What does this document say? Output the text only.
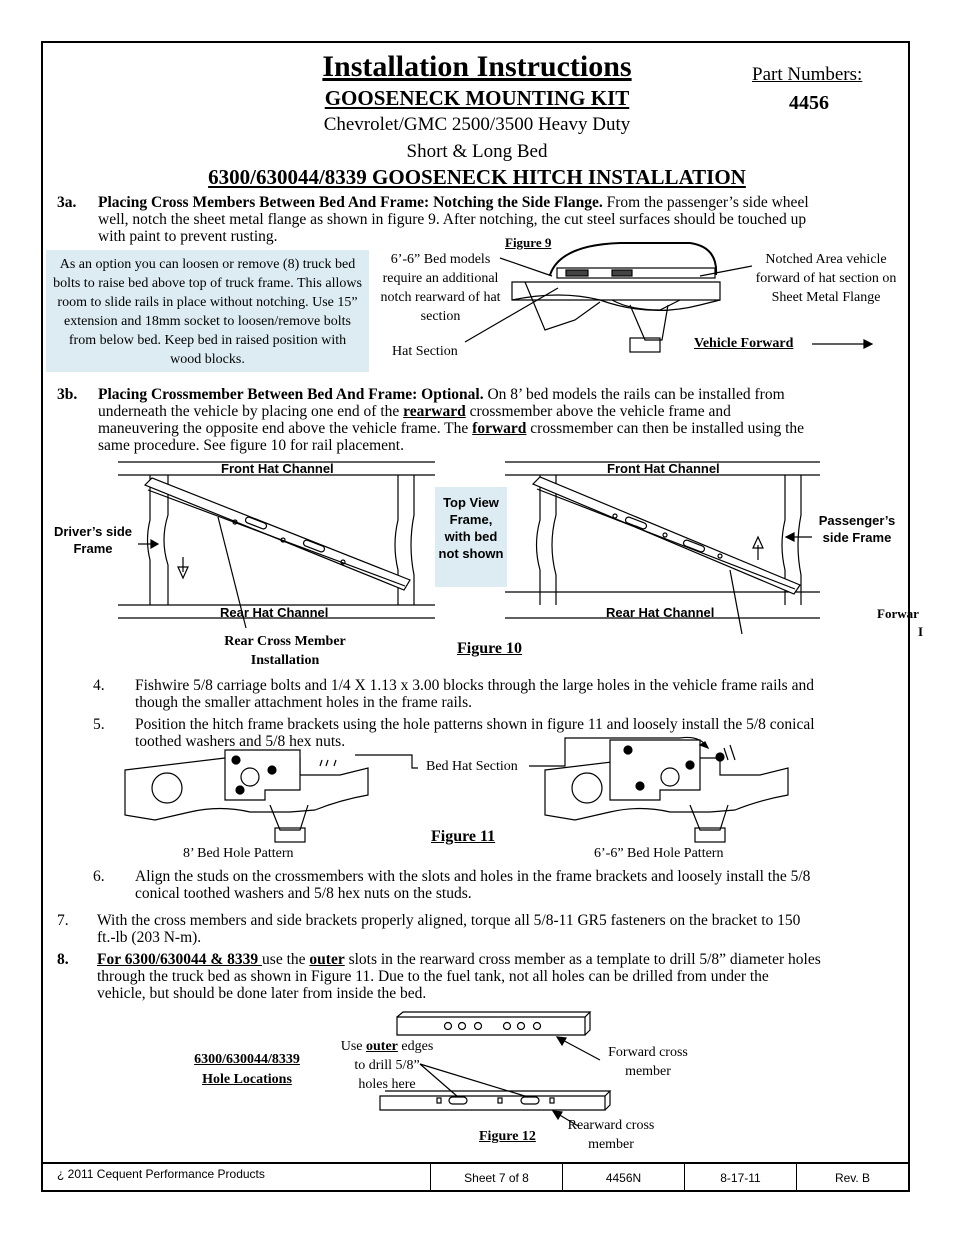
Installation Instructions
GOOSENECK MOUNTING KIT
Chevrolet/GMC 2500/3500 Heavy Duty
Short & Long Bed
6300/630044/8339 GOOSENECK HITCH INSTALLATION
Part Numbers:
4456
3a. Placing Cross Members Between Bed And Frame: Notching the Side Flange. From the passenger’s side wheel
well, notch the sheet metal flange as shown in figure 9. After notching, the cut steel surfaces should be touched up
with paint to prevent rusting.
As an option you can loosen or remove (8) truck bed bolts to raise bed above top of truck frame. This allows room to slide rails in place without notching. Use 15” extension and 18mm socket to loosen/remove bolts from below bed. Keep bed in raised position with wood blocks.
Figure 9
6’-6” Bed models require an additional notch rearward of hat section
Hat Section
Notched Area vehicle forward of hat section on Sheet Metal Flange
Vehicle Forward
3b. Placing Crossmember Between Bed And Frame: Optional. On 8’ bed models the rails can be installed from
underneath the vehicle by placing one end of the rearward crossmember above the vehicle frame and
maneuvering the opposite end above the vehicle frame. The forward crossmember can then be installed using the
same procedure. See figure 10 for rail placement.
Front Hat Channel
Rear Hat Channel
Front Hat Channel
Rear Hat Channel
Driver’s side Frame
Passenger’s side Frame
Top View Frame, with bed not shown
Rear Cross Member Installation
Figure 10
Forwar
I
4. Fishwire 5/8 carriage bolts and 1/4 X 1.13 x 3.00 blocks through the large holes in the vehicle frame rails and
though the smaller attachment holes in the frame rails.
5. Position the hitch frame brackets using the hole patterns shown in figure 11 and loosely install the 5/8 conical
toothed washers and 5/8 hex nuts.
Bed Hat Section
Figure 11
8’ Bed Hole Pattern	6’-6” Bed Hole Pattern
6. Align the studs on the crossmembers with the slots and holes in the frame brackets and loosely install the 5/8
conical toothed washers and 5/8 hex nuts on the studs.
7. With the cross members and side brackets properly aligned, torque all 5/8-11 GR5 fasteners on the bracket to 150
ft.-lb (203 N-m).
8. For 6300/630044 & 8339 use the outer slots in the rearward cross member as a template to drill 5/8” diameter holes
through the truck bed as shown in Figure 11. Due to the fuel tank, not all holes can be drilled from under the
vehicle, but should be done later from inside the bed.
6300/630044/8339
Hole Locations
Use outer edges
to drill 5/8”
holes here
Forward cross member
Rearward cross member
Figure 12
¿ 2011 Cequent Performance Products	Sheet 7 of 8	4456N	8-17-11	Rev. B
